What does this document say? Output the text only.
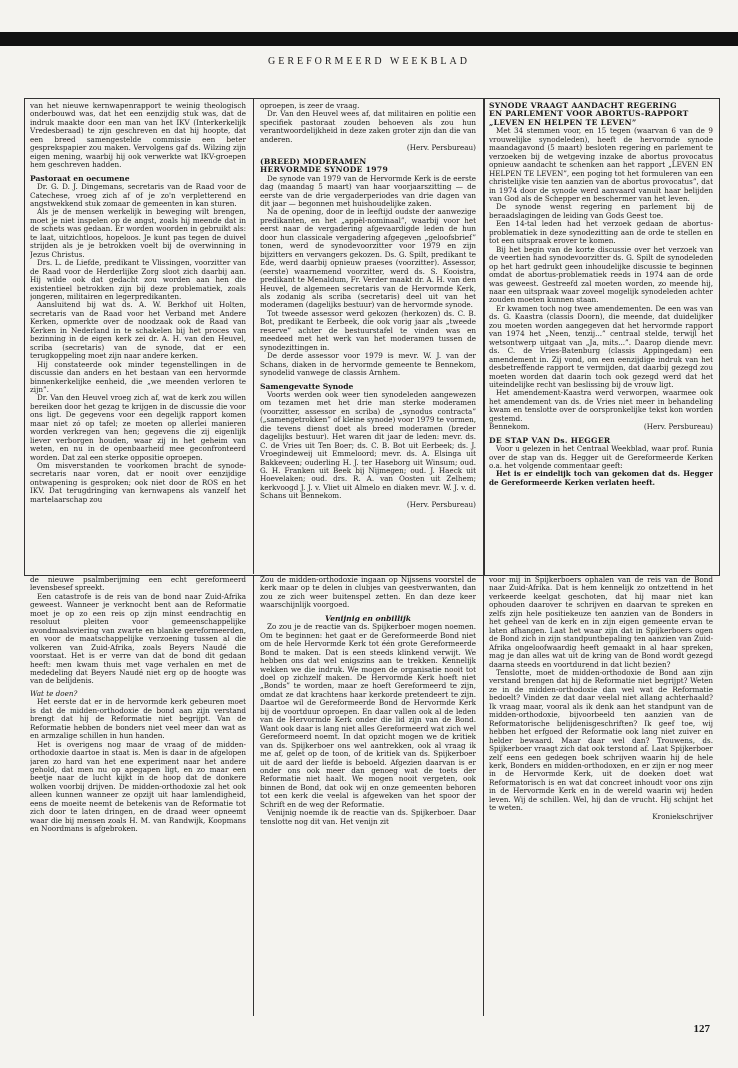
GEREFORMEERD WEEKBLAD

van het nieuwe kernwapenrapport te weinig theologisch onderbouwd was, dat het een eenzijdig stuk was, dat de indruk maakte door een man van het IKV (Interkerkelijk Vredesberaad) te zijn geschreven en dat hij hoopte, dat een breed samengestelde commissie een beter gesprekspapier zou maken. Vervolgens gaf ds. Wilzing zijn eigen mening, waarbij hij ook verwerkte wat IKV-groepen hem geschreven hadden.

Pastoraat en oecumene

Dr. G. D. J. Dingemans, secretaris van de Raad voor de Catechese, vroeg zich af of je zo'n verpletterend en angstwekkend stuk zomaar de gemeenten in kan sturen.

Als je de mensen werkelijk in beweging wilt brengen, moet je niet inspelen op de angst, zoals hij meende dat in de schets was gedaan. Er worden woorden in gebruikt als: te laat, uitzichtloos, hopeloos. Je kunt pas tegen de duivel strijden als je je betrokken voelt bij de overwinning in Jezus Christus.

Drs. L. de Liefde, predikant te Vlissingen, voorzitter van de Raad voor de Herderlijke Zorg sloot zich daarbij aan. Hij wilde ook dat gedacht zou worden aan hen die existentieel betrokken zijn bij deze problematiek, zoals jongeren, militairen en legerpredikanten.

Aansluitend bij wat ds. A. W. Berkhof uit Holten, secretaris van de Raad voor het Verband met Andere Kerken, opmerkte over de noodzaak ook de Raad van Kerken in Nederland in te schakelen bij het proces van bezinning in de eigen kerk zei dr. A. H. van den Heuvel, scriba (secretaris) van de synode, dat er een terugkoppeling moet zijn naar andere kerken.

Hij constateerde ook minder tegenstellingen in de discussie dan anders en het bestaan van een hervormde binnenkerkelijke eenheid, die „we meenden verloren te zijn”.

Dr. Van den Heuvel vroeg zich af, wat de kerk zou willen bereiken door het gezag te krijgen in de discussie die voor ons ligt. De gegevens voor een degelijk rapport komen maar niet zó op tafel; ze moeten op allerlei manieren worden verkregen van hen; gegevens die zij eigenlijk liever verborgen houden, waar zij in het geheim van weten, en nu in de openbaarheid mee geconfronteerd worden. Dat zal een sterke oppositie oproepen.

Om misverstanden te voorkomen bracht de synode-secretaris naar voren, dat er nooit over eenzijdige ontwapening is gesproken; ook niet door de ROS en het IKV. Dat terugdringing van kernwapens als vanzelf het martelaarschap zou

oproepen, is zeer de vraag.

Dr. Van den Heuvel wees af, dat militairen en politie een specifiek pastoraat zouden behoeven als zou hun verantwoordelijkheid in deze zaken groter zijn dan die van anderen.

(Herv. Persbureau)

(BREED) MODERAMEN

HERVORMDE SYNODE 1979

De synode van 1979 van de Hervormde Kerk is de eerste dag (maandag 5 maart) van haar voorjaarszitting — de eerste van de drie vergaderperiodes van drie dagen van dit jaar — begonnen met huishoudelijke zaken.

Na de opening, door de in leeftijd oudste der aanwezige predikanten, en het „appèl-nominaal”, waarbij voor het eerst naar de vergadering afgevaardigde leden de hun door hun classicale vergadering afgegeven „geloofsbrief” tonen, werd de synodevoorzitter voor 1979 en zijn bijzitters en vervangers gekozen. Ds. G. Spilt, predikant te Ede, werd daarbij opnieuw praeses (voorzitter). Assessor, (eerste) waarnemend voorzitter, werd ds. S. Kooistra, predikant te Menaldum, Fr. Verder maakt dr. A. H. van den Heuvel, de algemeen secretaris van de Hervormde Kerk, als zodanig als scriba (secretaris) deel uit van het moderamen (dagelijks bestuur) van de hervormde synode.

Tot tweede assessor werd gekozen (herkozen) ds. C. B. Bot, predikant te Eerbeek, die ook vorig jaar als „tweede reserve” achter de bestuurstafel te vinden was en meedeed met het werk van het moderamen tussen de synodezittingen in.

De derde assessor voor 1979 is mevr. W. J. van der Schans, diaken in de hervormde gemeente te Bennekom, synodelid vanwege de classis Arnhem.

Samengevatte Synode

Voorts werden ook weer tien synodeleden aangewezen om tezamen met het drie man sterke moderamen (voorzitter, assessor en scriba) de „synodus contracta” („samengetrokken” of kleine synode) voor 1979 te vormen, die tevens dienst doet als breed moderamen (breder dagelijks bestuur). Het waren dit jaar de leden: mevr. ds. C. de Vries uit Ten Boer; ds. C. B. Bot uit Eerbeek; ds. J. Vroegindeweij uit Emmeloord; mevr. ds. A. Elsinga uit Bakkeveen; ouderling H. J. ter Haseborg uit Winsum; oud. G. H. Franken uit Beek bij Nijmegen; oud. J. Haeck uit Hoevelaken; oud. drs. R. A. van Oosten uit Zelhem; kerkvoogd J. J. v. Vliet uit Almelo en diaken mevr. W. J. v. d. Schans uit Bennekom.

(Herv. Persbureau)

SYNODE VRAAGT AANDACHT REGERING

EN PARLEMENT VOOR ABORTUS-RAPPORT

„LEVEN EN HELPEN TE LEVEN”

Met 34 stemmen voor, en 15 tegen (waarvan 6 van de 9 vrouwelijke synodeleden), heeft de hervormde synode maandagavond (5 maart) besloten regering en parlement te verzoeken bij de wetgeving inzake de abortus provocatus opnieuw aandacht te schenken aan het rapport „LEVEN EN HELPEN TE LEVEN”, een poging tot het formuleren van een christelijke visie ten aanzien van de abortus provocatus”, dat in 1974 door de synode werd aanvaard vanuit haar belijden van God als de Schepper en beschermer van het leven.

De synode wenst regering en parlement bij de beraadslagingen de leiding van Gods Geest toe.

Een 14-tal leden had het verzoek gedaan de abortus-problematiek in deze synodezitting aan de orde te stellen en tot een uitspraak erover te komen.

Bij het begin van de korte discussie over het verzoek van de veertien had synodevoorzitter ds. G. Spilt de synodeleden op het hart gedrukt geen inhoudelijke discussie te beginnen omdat de abortus-problematiek reeds in 1974 aan de orde was geweest. Gestreefd zal moeten worden, zo meende hij, naar een uitspraak waar zoveel mogelijk synodeleden achter zouden moeten kunnen staan.

Er kwamen toch nog twee amendementen. De een was van ds. G. Kaastra (classis Doorn), die meende, dat duidelijker zou moeten worden aangegeven dat het hervormde rapport van 1974 het „Neen, tenzij...” centraal stelde, terwijl het wetsontwerp uitgaat van „Ja, mits...”. Daarop diende mevr. ds. C. de Vries-Batenburg (classis Appingedam) een amendement in. Zij vond, om een eenzijdige indruk van het desbetreffende rapport te vermijden, dat daarbij gezegd zou moeten worden dat daarin toch ook gezegd werd dat het uiteindelijke recht van beslissing bij de vrouw ligt.

Het amendement-Kaastra werd verworpen, waarmee ook het amendement van ds. de Vries niet meer in behandeling kwam en tenslotte over de oorspronkelijke tekst kon worden gestemd.

Bennekom.	(Herv. Persbureau)

DE STAP VAN Ds. HEGGER

Voor u gelezen in het Centraal Weekblad, waar prof. Runia over de stap van ds. Hegger uit de Gereformeerde Kerken o.a. het volgende commentaar geeft:

Het is er eindelijk toch van gekomen dat ds. Hegger de Gereformeerde Kerken verlaten heeft.

de nieuwe psalmberijming een echt gereformeerd levensbesef spreekt.

Een catastrofe is de reis van de bond naar Zuid-Afrika geweest. Wanneer je verknocht bent aan de Reformatie moet je op zo een reis op zijn minst eendrachtig en resoluut pleiten voor gemeenschappelijke avondmaalsviering van zwarte en blanke gereformeerden, en voor de maatschappelijke verzoening tussen al die volkeren van Zuid-Afrika, zoals Beyers Naudé die voorstaat. Het is er verre van dat de bond dit gedaan heeft: men kwam thuis met vage verhalen en met de mededeling dat Beyers Naudé niet erg op de hoogte was van de belijdenis.

Wat te doen?

Het eerste dat er in de hervormde kerk gebeuren moet is dat de midden-orthodoxie de bond aan zijn verstand brengt dat hij de Reformatie niet begrijpt. Van de Reformatie hebben de bonders niet veel meer dan wat as en armzalige schillen in hun handen.

Het is overigens nog maar de vraag of de midden-orthodoxie daartoe in staat is. Men is daar in de afgelopen jaren zo hard van het ene experiment naar het andere gehold, dat men nu op apegapen ligt, en zo maar een beetje naar de lucht kijkt in de hoop dat de donkere wolken voorbij drijven. De midden-orthodoxie zal het ook alleen kunnen wanneer ze opzijt uit haar lamlendigheid, eens de moeite neemt de betekenis van de Reformatie tot zich door te laten dringen, en de draad weer opneemt waar die bij mensen zoals H. M. van Randwijk, Koopmans en Noordmans is afgebroken.

Zou de midden-orthodoxie ingaan op Nijssens voorstel de kerk maar op te delen in clubjes van geestverwanten, dan zou ze zich weer buitenspel zetten. En dan deze keer waarschijnlijk voorgoed.

Venijnig en onbillijk

Zo zou je de reactie van ds. Spijkerboer mogen noemen. Om te beginnen: het gaat er de Gereformeerde Bond niet om de hele Hervormde Kerk tot één grote Gereformeerde Bond te maken. Dat is een steeds klinkend verwijt. We hebben ons dat wel enigszins aan te trekken. Kennelijk wekken we die indruk. We mogen de organisatie nooit tot doel op zichzelf maken. De Hervormde Kerk hoeft niet „Bonds” te worden, maar ze hoeft Gereformeerd te zijn, omdat ze dat krachtens haar kerkorde pretendeert te zijn. Daartoe wil de Gereformeerde Bond de Hervormde Kerk bij de voortduur oproepen. En daar vallen ook al de leden van de Hervormde Kerk onder die lid zijn van de Bond. Want ook daar is lang niet alles Gereformeerd wat zich wel Gereformeerd noemt. In dat opzicht mogen we de kritiek van ds. Spijkerboer ons wel aantrekken, ook al vraag ik me af, gelet op de toon, of de kritiek van ds. Spijkerboer uit de aard der liefde is beboeld. Afgezien daarvan is er onder ons ook meer dan genoeg wat de toets der Reformatie niet haalt. We mogen nooit vergeten, ook binnen de Bond, dat ook wij en onze gemeenten behoren tot een kerk die veelal is afgeweken van het spoor der Schrift en de weg der Reformatie.

Venijnig noemde ik de reactie van ds. Spijkerboer. Daar tenslotte nog dit van. Het venijn zit

voor mij in Spijkerboers ophalen van de reis van de Bond naar Zuid-Afrika. Dat is hem kennelijk zo ontzettend in het verkeerde keelgat geschoten, dat hij maar niet kan ophouden daarover te schrijven en daarvan te spreken en zelfs zijn hele positiekeuze ten aanzien van de Bonders in het geheel van de kerk en in zijn eigen gemeente ervan te laten afhangen. Laat het waar zijn dat in Spijkerboers ogen de Bond zich in zijn standpuntbepaling ten aanzien van Zuid-Afrika ongeloofwaardig heeft gemaakt in al haar spreken, mag je dan alles wat uit de kring van de Bond wordt gezegd daarna steeds en voortdurend in dat licht bezien?

Tenslotte, moet de midden-orthodoxie de Bond aan zijn verstand brengen dat hij de Reformatie niet begrijpt? Weten ze in de midden-orthodoxie dan wel wat de Reformatie bedoelt? Vinden ze dat daar veelal niet allang achterhaald? Ik vraag maar, vooral als ik denk aan het standpunt van de midden-orthodoxie, bijvoorbeeld ten aanzien van de Reformatorische belijdenisgeschriften? Ik geef toe, wij hebben het erfgoed der Reformatie ook lang niet zuiver en helder bewaard. Maar daar wel dan? Trouwens, ds. Spijkerboer vraagt zich dat ook terstond af. Laat Spijkerboer zelf eens een gedegen boek schrijven waarin hij de hele kerk, Bonders en midden-orthodoxen, en er zijn er nog meer in de Hervormde Kerk, uit de doeken doet wat Reformatorisch is en wat dat concreet inhoudt voor ons zijn in de Hervormde Kerk en in de wereld waarin wij heden leven. Wij de schillen. Wel, hij dan de vrucht. Hij schijnt het te weten.

Kroniekschrijver

127
